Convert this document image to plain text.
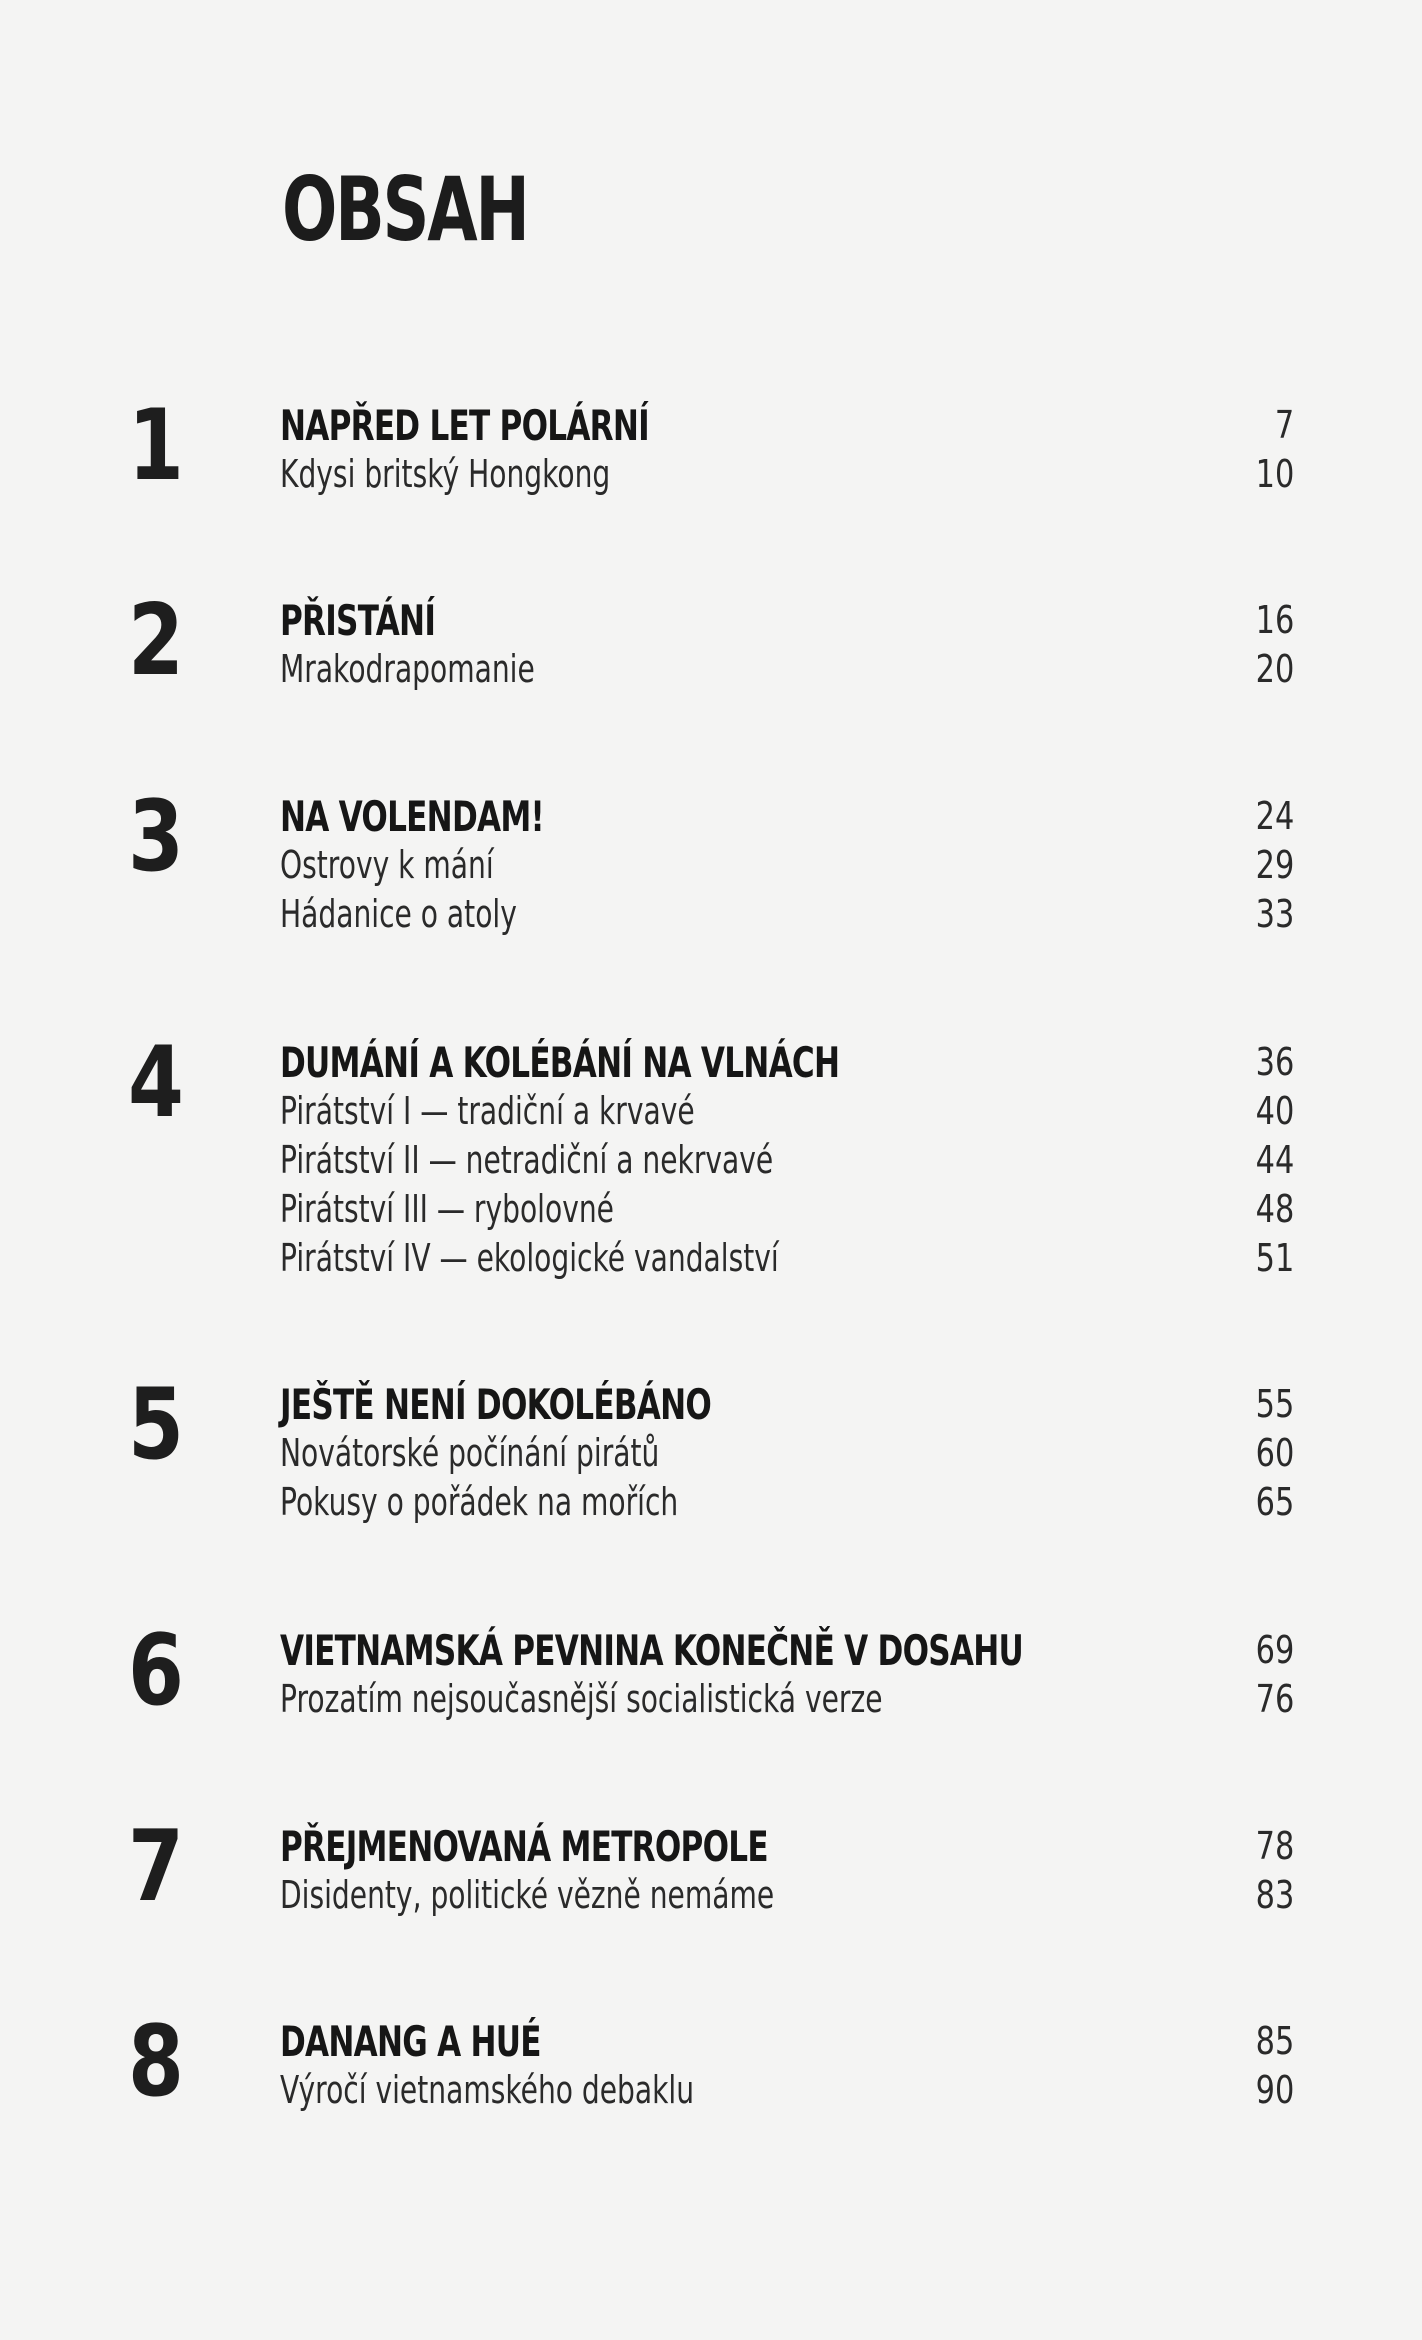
OBSAH
1 NAPŘED LET POLÁRNÍ	7
Kdysi britský Hongkong	10
2 PŘISTÁNÍ	16
Mrakodrapomanie	20
3 NA VOLENDAM!	24
Ostrovy k mání	29
Hádanice o atoly	33
4 DUMÁNÍ A KOLÉBÁNÍ NA VLNÁCH	36
Pirátství I — tradiční a krvavé	40
Pirátství II — netradiční a nekrvavé	44
Pirátství III — rybolovné	48
Pirátství IV — ekologické vandalství	51
5 JEŠTĚ NENÍ DOKOLÉBÁNO	55
Novátorské počínání pirátů	60
Pokusy o pořádek na mořích	65
6 VIETNAMSKÁ PEVNINA KONEČNĚ V DOSAHU	69
Prozatím nejsoučasnější socialistická verze	76
7 PŘEJMENOVANÁ METROPOLE	78
Disidenty, politické vězně nemáme	83
8 DANANG A HUÉ	85
Výročí vietnamského debaklu	90
